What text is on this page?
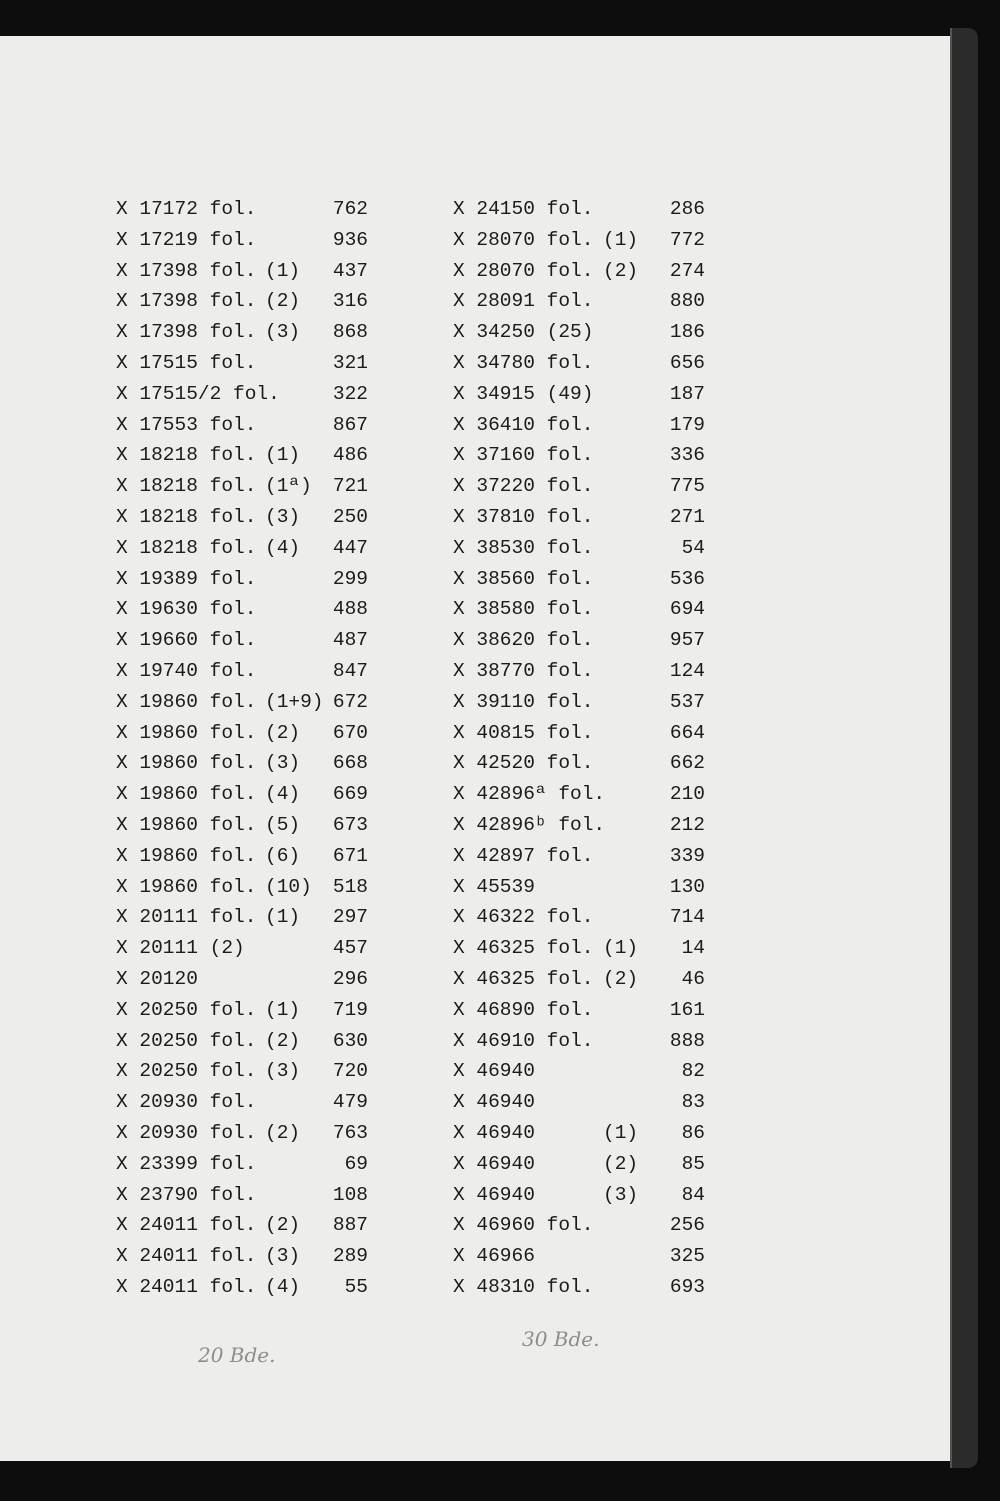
X 17172 fol.	762
X 17219 fol.	936
X 17398 fol. (1)	437
X 17398 fol. (2)	316
X 17398 fol. (3)	868
X 17515 fol.	321
X 17515/2 fol.	322
X 17553 fol.	867
X 18218 fol. (1)	486
X 18218 fol. (1ª)	721
X 18218 fol. (3)	250
X 18218 fol. (4)	447
X 19389 fol.	299
X 19630 fol.	488
X 19660 fol.	487
X 19740 fol.	847
X 19860 fol. (1+9) 672
X 19860 fol. (2)	670
X 19860 fol. (3)	668
X 19860 fol. (4)	669
X 19860 fol. (5)	673
X 19860 fol. (6)	671
X 19860 fol. (10)	518
X 20111 fol. (1)	297
X 20111 (2)	457
X 20120	296
X 20250 fol. (1)	719
X 20250 fol. (2)	630
X 20250 fol. (3)	720
X 20930 fol.	479
X 20930 fol. (2)	763
X 23399 fol.	69
X 23790 fol.	108
X 24011 fol. (2)	887
X 24011 fol. (3)	289
X 24011 fol. (4)	55
X 24150 fol.	286
X 28070 fol. (1)	772
X 28070 fol. (2)	274
X 28091 fol.	880
X 34250 (25)	186
X 34780 fol.	656
X 34915 (49)	187
X 36410 fol.	179
X 37160 fol.	336
X 37220 fol.	775
X 37810 fol.	271
X 38530 fol.	54
X 38560 fol.	536
X 38580 fol.	694
X 38620 fol.	957
X 38770 fol.	124
X 39110 fol.	537
X 40815 fol.	664
X 42520 fol.	662
X 42896ª fol.	210
X 42896ᵇ fol.	212
X 42897 fol.	339
X 45539	130
X 46322 fol.	714
X 46325 fol. (1)	14
X 46325 fol. (2)	46
X 46890 fol.	161
X 46910 fol.	888
X 46940	82
X 46940	83
X 46940	(1)	86
X 46940	(2)	85
X 46940	(3)	84
X 46960 fol.	256
X 46966	325
X 48310 fol.	693
20 Bde.
30 Bde.
